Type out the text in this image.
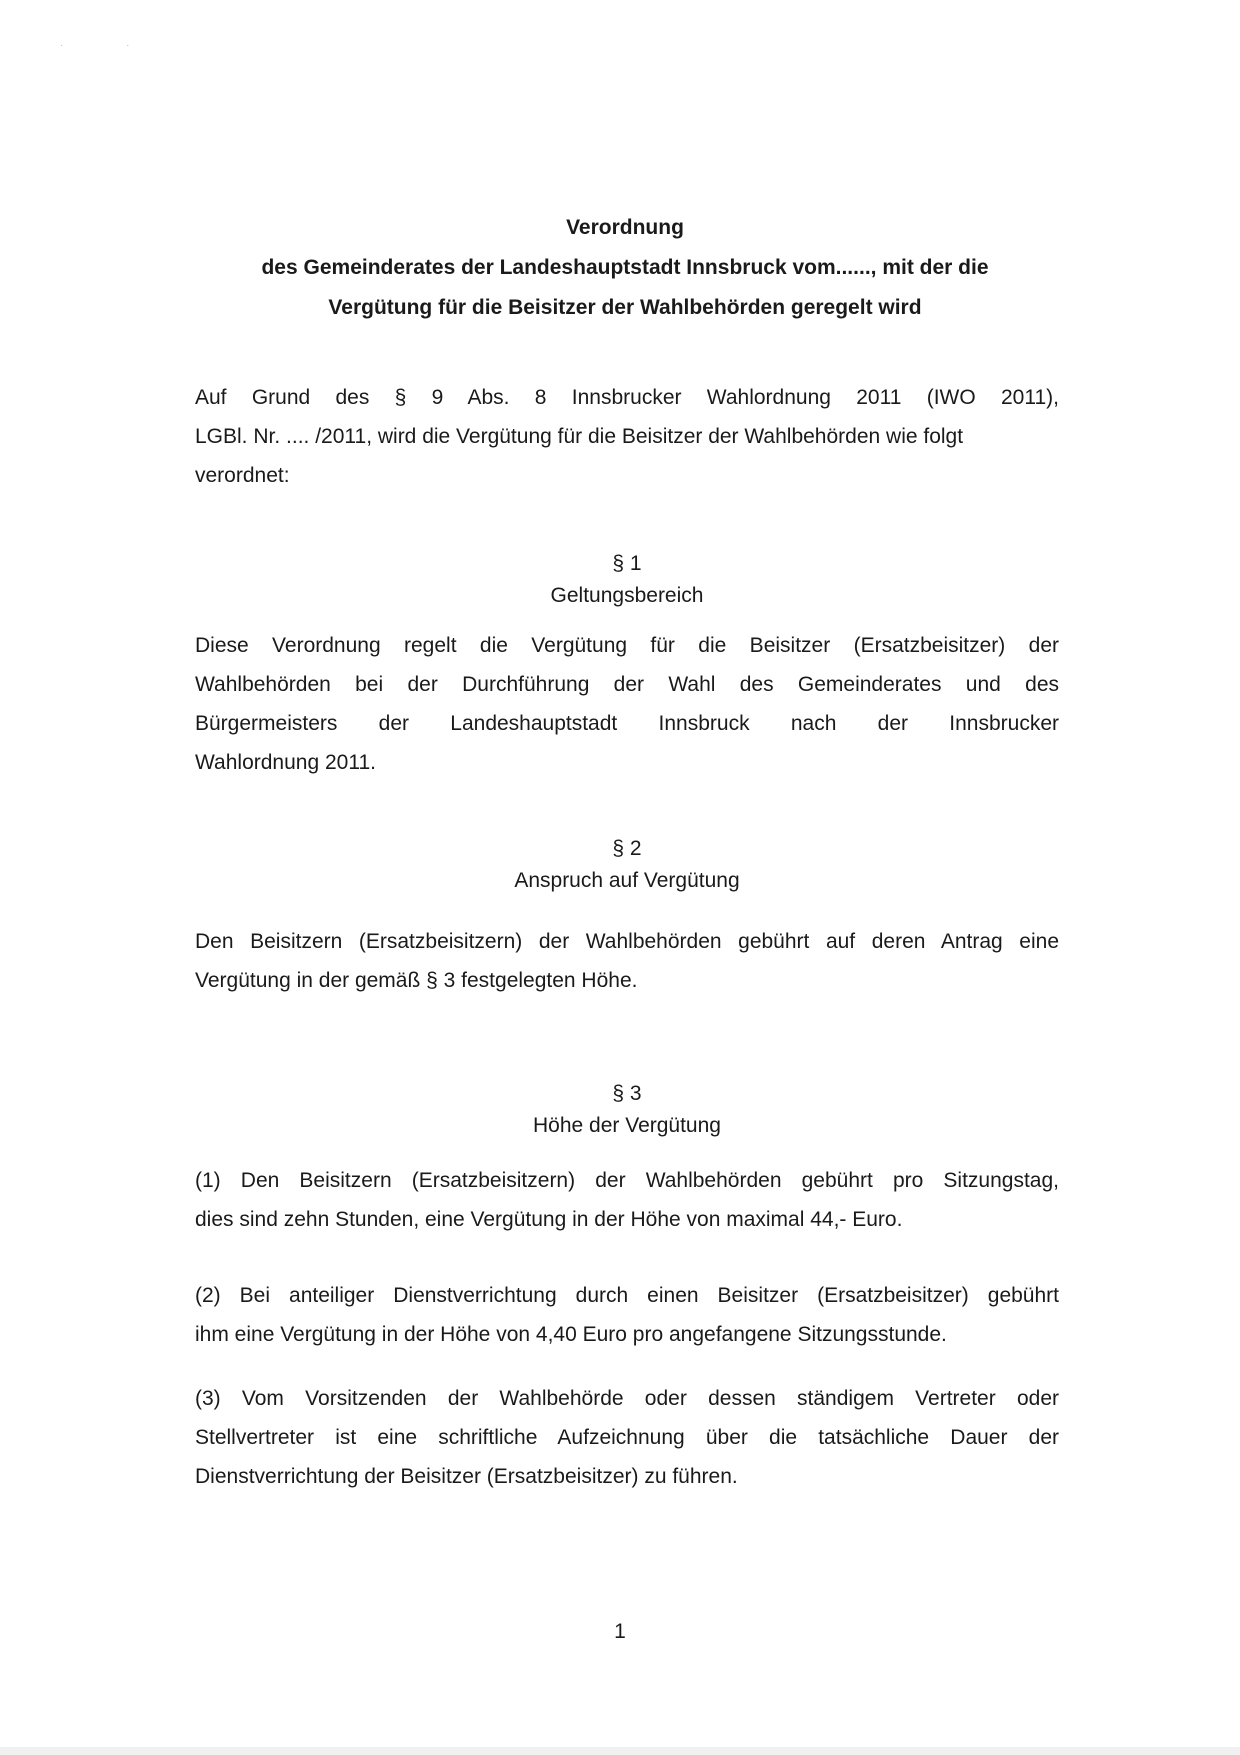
· ·
Verordnung
des Gemeinderates der Landeshauptstadt Innsbruck vom......, mit der die
Vergütung für die Beisitzer der Wahlbehörden geregelt wird
Auf Grund des § 9 Abs. 8 Innsbrucker Wahlordnung 2011 (IWO 2011),
LGBl. Nr. .... /2011, wird die Vergütung für die Beisitzer der Wahlbehörden wie folgt
verordnet:
§ 1
Geltungsbereich
Diese Verordnung regelt die Vergütung für die Beisitzer (Ersatzbeisitzer) der
Wahlbehörden bei der Durchführung der Wahl des Gemeinderates und des
Bürgermeisters der Landeshauptstadt Innsbruck nach der Innsbrucker
Wahlordnung 2011.
§ 2
Anspruch auf Vergütung
Den Beisitzern (Ersatzbeisitzern) der Wahlbehörden gebührt auf deren Antrag eine
Vergütung in der gemäß § 3 festgelegten Höhe.
§ 3
Höhe der Vergütung
(1) Den Beisitzern (Ersatzbeisitzern) der Wahlbehörden gebührt pro Sitzungstag,
dies sind zehn Stunden, eine Vergütung in der Höhe von maximal 44,- Euro.
(2) Bei anteiliger Dienstverrichtung durch einen Beisitzer (Ersatzbeisitzer) gebührt
ihm eine Vergütung in der Höhe von 4,40 Euro pro angefangene Sitzungsstunde.
(3) Vom Vorsitzenden der Wahlbehörde oder dessen ständigem Vertreter oder
Stellvertreter ist eine schriftliche Aufzeichnung über die tatsächliche Dauer der
Dienstverrichtung der Beisitzer (Ersatzbeisitzer) zu führen.
1
